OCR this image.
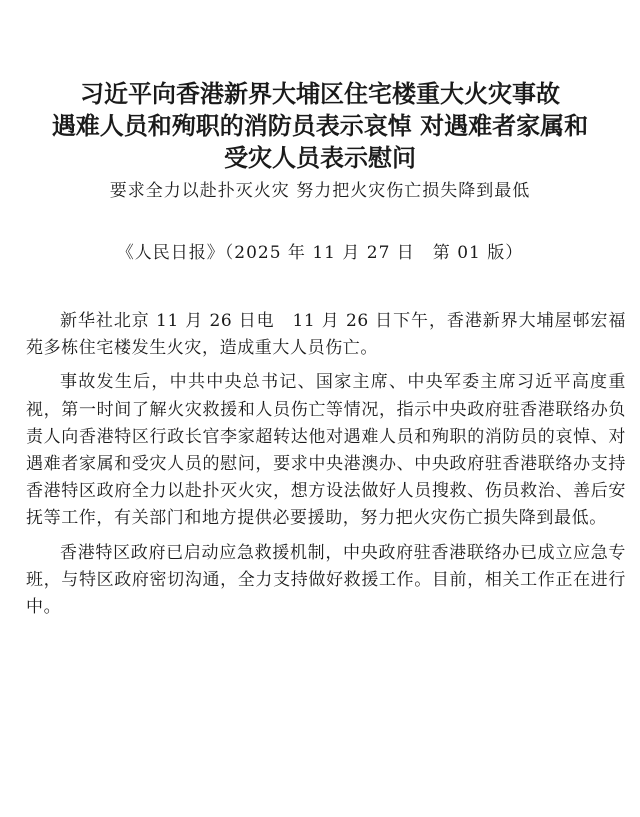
习近平向香港新界大埔区住宅楼重大火灾事故
遇难人员和殉职的消防员表示哀悼 对遇难者家属和
受灾人员表示慰问
要求全力以赴扑灭火灾 努力把火灾伤亡损失降到最低
《人民日报》（2025 年 11 月 27 日　第 01 版）

新华社北京 11 月 26 日电　11 月 26 日下午，香港新界大埔屋邨宏福苑多栋住宅楼发生火灾，造成重大人员伤亡。

事故发生后，中共中央总书记、国家主席、中央军委主席习近平高度重视，第一时间了解火灾救援和人员伤亡等情况，指示中央政府驻香港联络办负责人向香港特区行政长官李家超转达他对遇难人员和殉职的消防员的哀悼、对遇难者家属和受灾人员的慰问，要求中央港澳办、中央政府驻香港联络办支持香港特区政府全力以赴扑灭火灾，想方设法做好人员搜救、伤员救治、善后安抚等工作，有关部门和地方提供必要援助，努力把火灾伤亡损失降到最低。

香港特区政府已启动应急救援机制，中央政府驻香港联络办已成立应急专班，与特区政府密切沟通，全力支持做好救援工作。目前，相关工作正在进行中。
